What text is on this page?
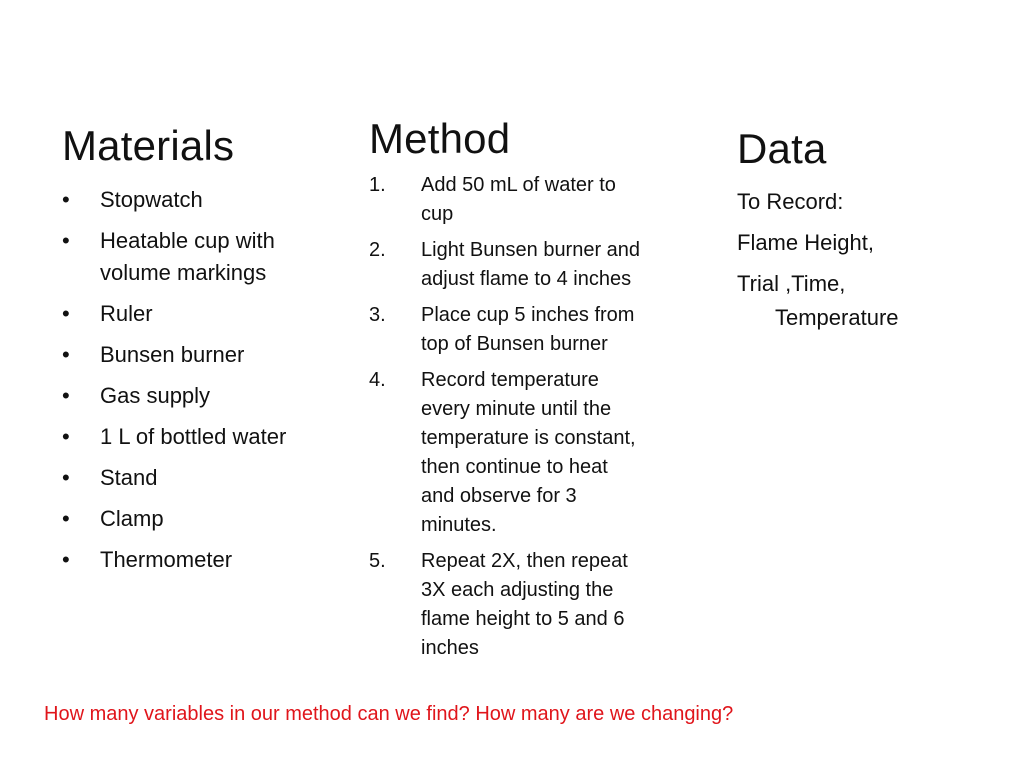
Materials
•	Stopwatch
•	Heatable cup with
volume markings
•	Ruler
•	Bunsen burner
•	Gas supply
•	1 L of bottled water
•	Stand
•	Clamp
•	Thermometer
Method
1.	Add 50 mL of water to
cup
2.	Light Bunsen burner and
adjust flame to 4 inches
3.	Place cup 5 inches from
top of Bunsen burner
4.	Record temperature
every minute until the
temperature is constant,
then continue to heat
and observe for 3
minutes.
5.	Repeat 2X, then repeat
3X each adjusting the
flame height to 5 and 6
inches
Data
To Record:
Flame Height,
Trial ,Time,
Temperature
How many variables in our method can we find? How many are we changing?
